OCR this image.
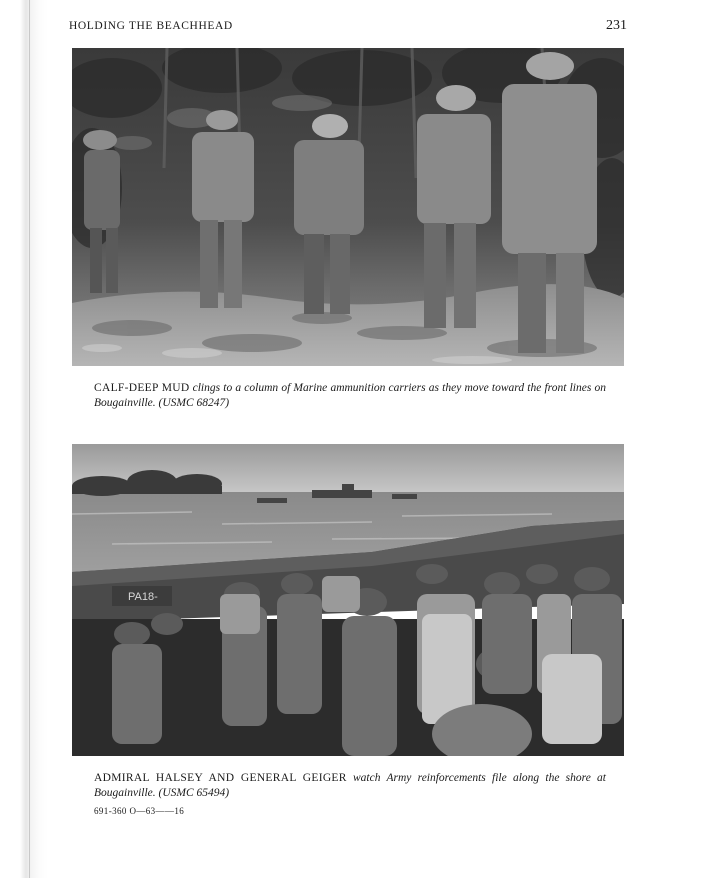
HOLDING THE BEACHHEAD	231
CALF-DEEP MUD clings to a column of Marine ammunition carriers as they move toward the front lines on Bougainville. (USMC 68247)
PA18-
ADMIRAL HALSEY AND GENERAL GEIGER watch Army reinforcements file along the shore at Bougainville. (USMC 65494)
691-360 O—63——16
